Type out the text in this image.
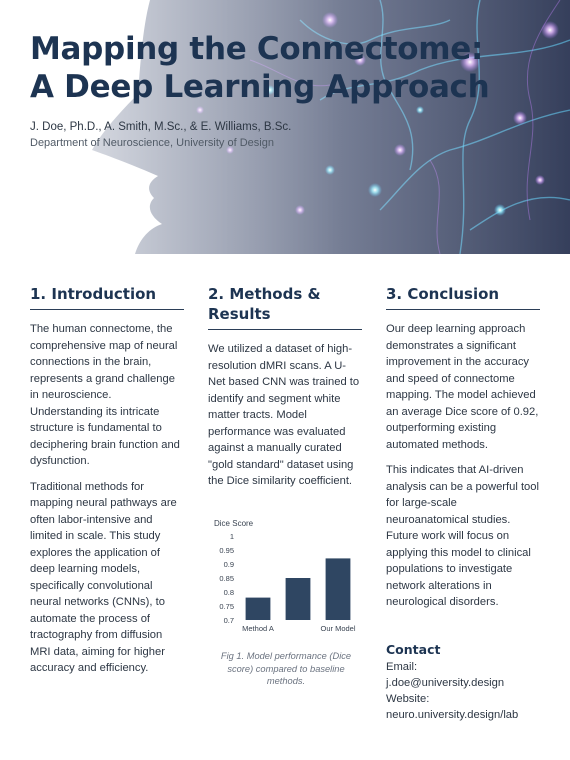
Mapping the Connectome:
A Deep Learning Approach
J. Doe, Ph.D., A. Smith, M.Sc., & E. Williams, B.Sc.
Department of Neuroscience, University of Design
1. Introduction

The human connectome, the comprehensive map of neural connections in the brain, represents a grand challenge in neuroscience. Understanding its intricate structure is fundamental to deciphering brain function and dysfunction.

Traditional methods for mapping neural pathways are often labor-intensive and limited in scale. This study explores the application of deep learning models, specifically convolutional neural networks (CNNs), to automate the process of tractography from diffusion MRI data, aiming for higher accuracy and efficiency.

2. Methods & Results

We utilized a dataset of high-resolution dMRI scans. A U-Net based CNN was trained to identify and segment white matter tracts. Model performance was evaluated against a manually curated "gold standard" dataset using the Dice similarity coefficient.

Dice Score
0.7
0.75
0.8
0.85
0.9
0.95
1
Method A	Our Model
Fig 1. Model performance (Dice score) compared to baseline methods.
3. Conclusion

Our deep learning approach demonstrates a significant improvement in the accuracy and speed of connectome mapping. The model achieved an average Dice score of 0.92, outperforming existing automated methods.

This indicates that AI-driven analysis can be a powerful tool for large-scale neuroanatomical studies. Future work will focus on applying this model to clinical populations to investigate network alterations in neurological disorders.

Contact
Email:
j.doe@university.design
Website:
neuro.university.design/lab
